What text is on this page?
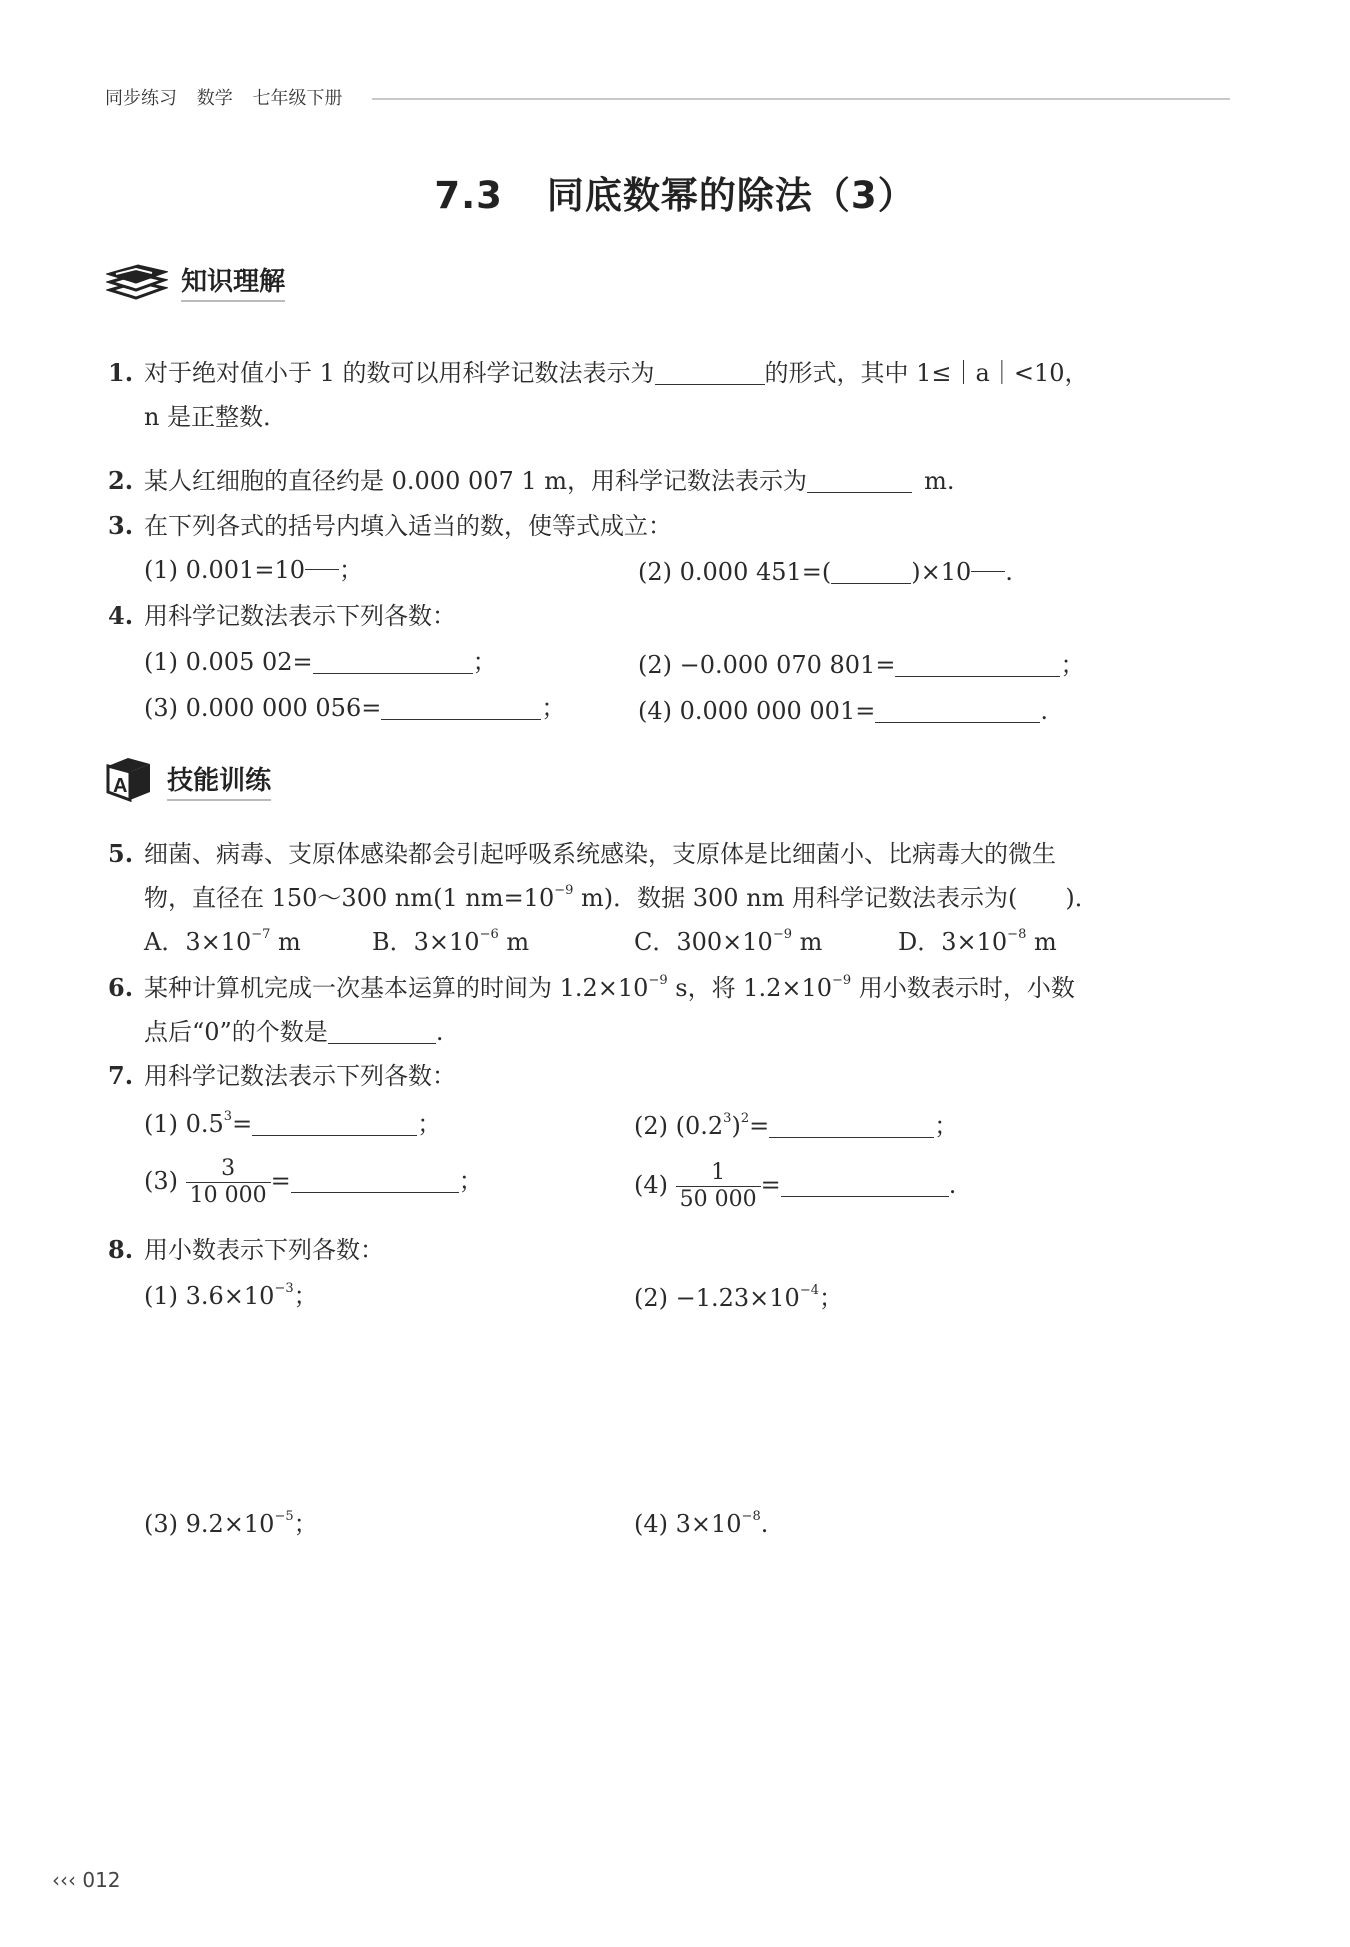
同步练习 数学 七年级下册
7.3 同底数幂的除法（3）
知识理解
1. 对于绝对值小于 1 的数可以用科学记数法表示为	的形式，其中 1≤｜a｜<10，
n 是正整数．
2. 某人红细胞的直径约是 0.000 007 1 m，用科学记数法表示为	m.
3. 在下列各式的括号内填入适当的数，使等式成立：
(1) 0.001=10 ；	(2) 0.000 451=(	)×10 .
4. 用科学记数法表示下列各数：
(1) 0.005 02=	；	(2) −0.000 070 801=	；
(3) 0.000 000 056=	；	(4) 0.000 000 001=	.
A 技能训练
5. 细菌、病毒、支原体感染都会引起呼吸系统感染，支原体是比细菌小、比病毒大的微生
物，直径在 150～300 nm(1 $nm=10^{-9}$ m)．数据 300 nm 用科学记数法表示为(　　)．
A．$3\times 10^{-7}$ m	B．$3\times 10^{-6}$ m	C．$300\times 10^{-9}$ m	D．$3\times 10^{-8}$ m
6. 某种计算机完成一次基本运算的时间为 $1.2\times 10^{-9}$ s，将 $1.2\times 10^{-9}$ 用小数表示时，小数
点后“0”的个数是	.
7. 用科学记数法表示下列各数：
(1) $0.5^3=$	；	(2) $(0.2^3)^2=$	；
$(3) \frac{3}{10 000}$ =	；	$(4) \frac{1}{50 000}$ =	.
8. 用小数表示下列各数：
(1) $3.6\times 10^{-3}$；	$(2) -1.23\times 10^{-4}$；
(3) $9.2\times 10^{-5}$；	(4) $3\times 10^{-8}$.
‹‹‹ 012
